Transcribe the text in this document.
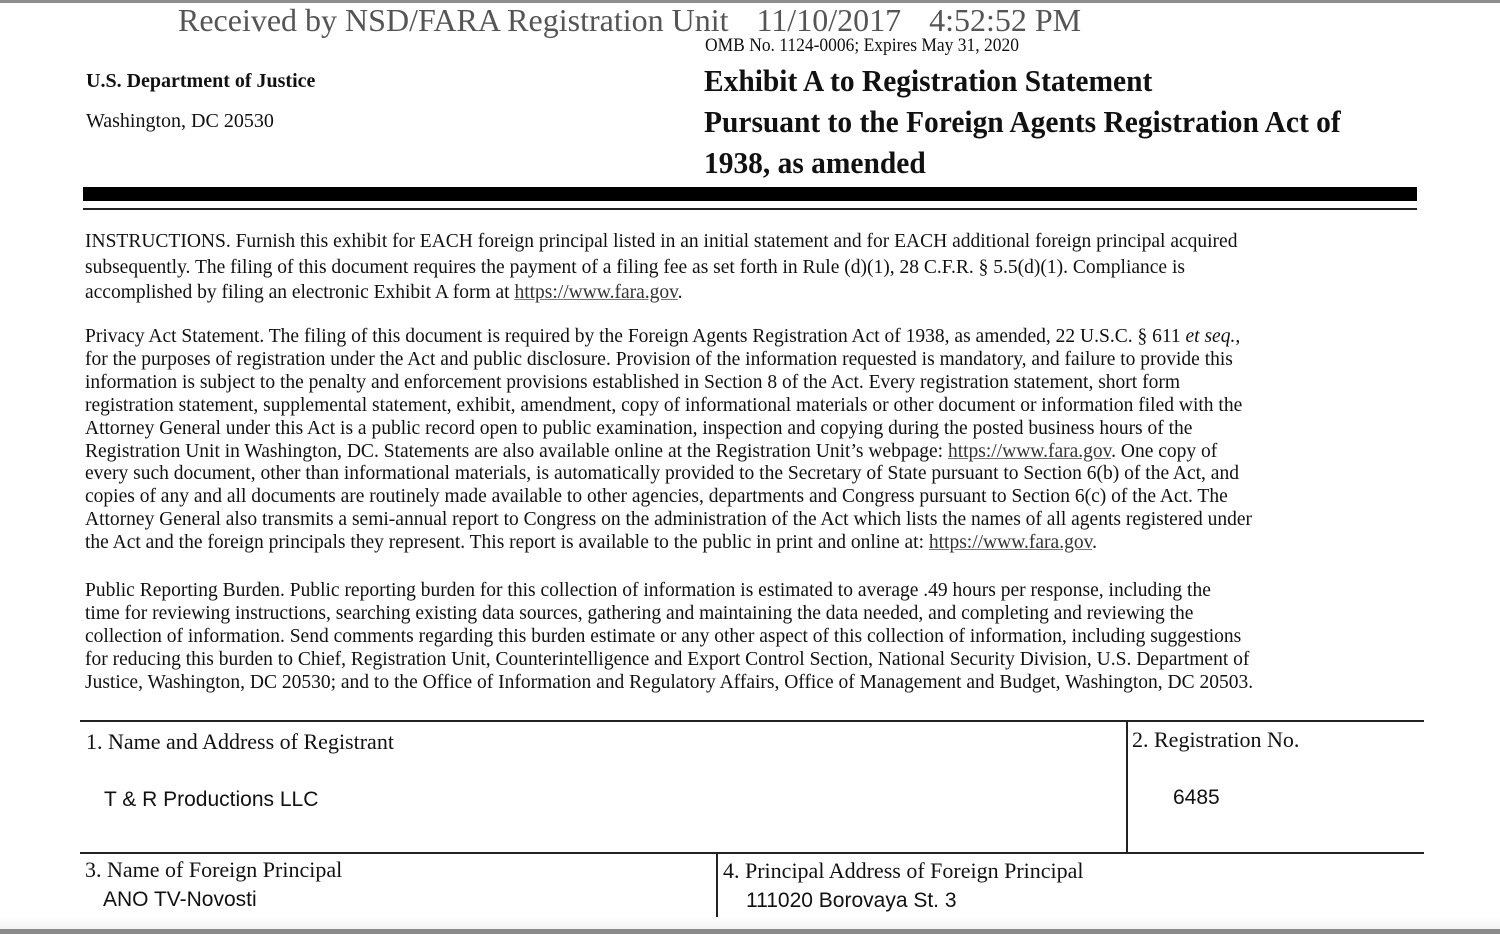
Received by NSD/FARA Registration Unit 11/10/2017 4:52:52 PM
OMB No. 1124-0006; Expires May 31, 2020
U.S. Department of Justice
Washington, DC 20530
Exhibit A to Registration Statement
Pursuant to the Foreign Agents Registration Act of
1938, as amended
INSTRUCTIONS. Furnish this exhibit for EACH foreign principal listed in an initial statement and for EACH additional foreign principal acquired
subsequently. The filing of this document requires the payment of a filing fee as set forth in Rule (d)(1), 28 C.F.R. § 5.5(d)(1). Compliance is
accomplished by filing an electronic Exhibit A form at https://www.fara.gov.
Privacy Act Statement. The filing of this document is required by the Foreign Agents Registration Act of 1938, as amended, 22 U.S.C. § 611 et seq.,
for the purposes of registration under the Act and public disclosure. Provision of the information requested is mandatory, and failure to provide this
information is subject to the penalty and enforcement provisions established in Section 8 of the Act. Every registration statement, short form
registration statement, supplemental statement, exhibit, amendment, copy of informational materials or other document or information filed with the
Attorney General under this Act is a public record open to public examination, inspection and copying during the posted business hours of the
Registration Unit in Washington, DC. Statements are also available online at the Registration Unit’s webpage: https://www.fara.gov. One copy of
every such document, other than informational materials, is automatically provided to the Secretary of State pursuant to Section 6(b) of the Act, and
copies of any and all documents are routinely made available to other agencies, departments and Congress pursuant to Section 6(c) of the Act. The
Attorney General also transmits a semi-annual report to Congress on the administration of the Act which lists the names of all agents registered under
the Act and the foreign principals they represent. This report is available to the public in print and online at: https://www.fara.gov.
Public Reporting Burden. Public reporting burden for this collection of information is estimated to average .49 hours per response, including the
time for reviewing instructions, searching existing data sources, gathering and maintaining the data needed, and completing and reviewing the
collection of information. Send comments regarding this burden estimate or any other aspect of this collection of information, including suggestions
for reducing this burden to Chief, Registration Unit, Counterintelligence and Export Control Section, National Security Division, U.S. Department of
Justice, Washington, DC 20530; and to the Office of Information and Regulatory Affairs, Office of Management and Budget, Washington, DC 20503.
1. Name and Address of Registrant
T & R Productions LLC
2. Registration No.
6485
3. Name of Foreign Principal
ANO TV-Novosti
4. Principal Address of Foreign Principal
111020 Borovaya St. 3
